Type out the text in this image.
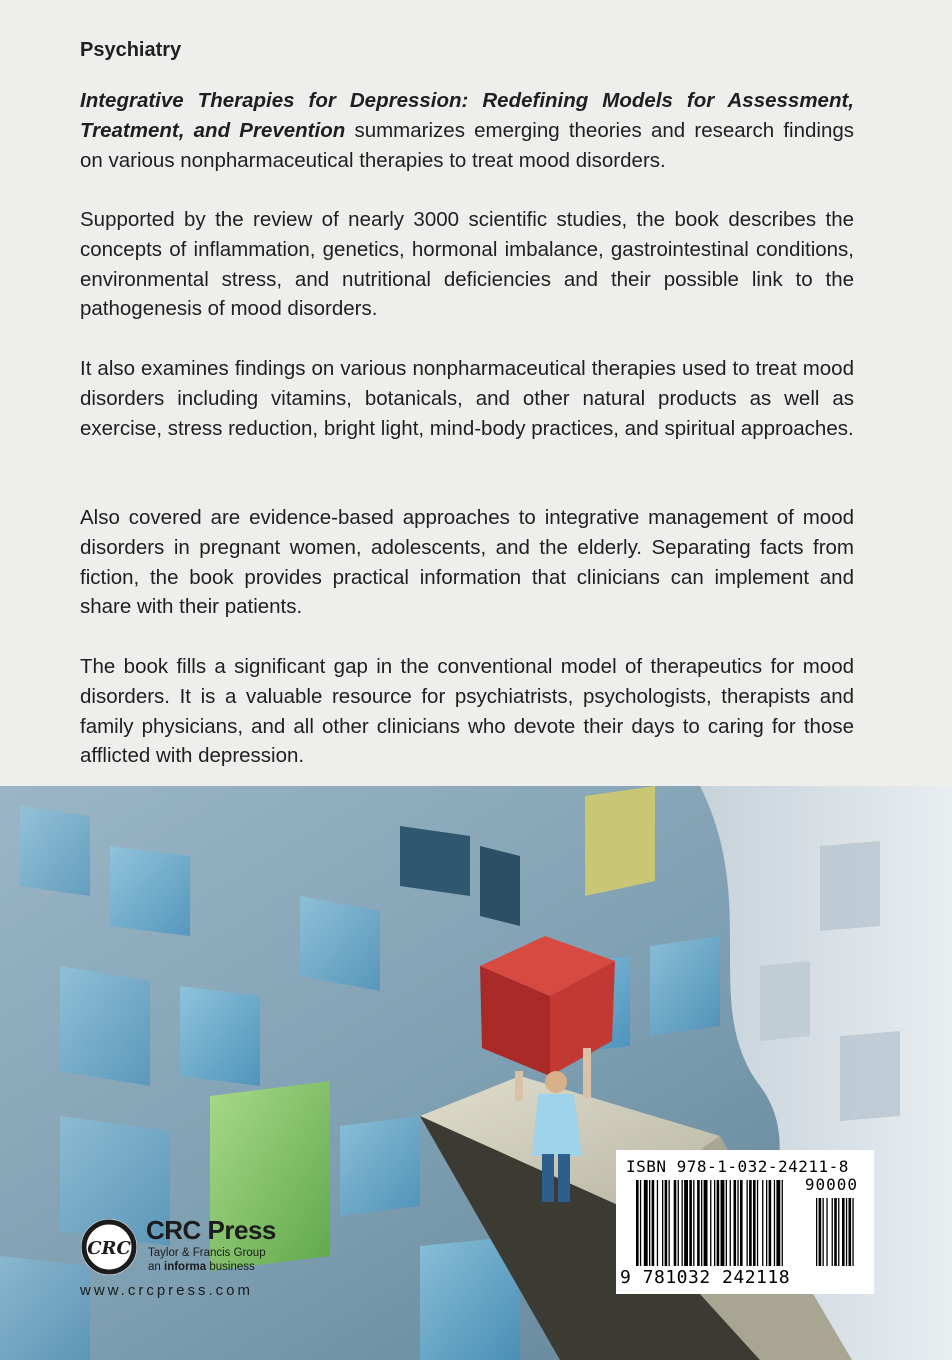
Psychiatry

Integrative Therapies for Depression: Redefining Models for Assessment, Treatment, and Prevention summarizes emerging theories and research findings on various nonpharmaceutical therapies to treat mood disorders.

Supported by the review of nearly 3000 scientific studies, the book describes the concepts of inflammation, genetics, hormonal imbalance, gastrointestinal conditions, environmental stress, and nutritional deficiencies and their possible link to the pathogenesis of mood disorders.

It also examines findings on various nonpharmaceutical therapies used to treat mood disorders including vitamins, botanicals, and other natural products as well as exercise, stress reduction, bright light, mind-body practices, and spiritual approaches.

Also covered are evidence-based approaches to integrative management of mood disorders in pregnant women, adolescents, and the elderly. Separating facts from fiction, the book provides practical information that clinicians can implement and share with their patients.

The book fills a significant gap in the conventional model of therapeutics for mood disorders. It is a valuable resource for psychiatrists, psychologists, therapists and family physicians, and all other clinicians who devote their days to caring for those afflicted with depression.

CRC
CRC Press
Taylor & Francis Group
an informa business
www.crcpress.com
ISBN 978-1-032-24211-8
90000
9 781032 242118
